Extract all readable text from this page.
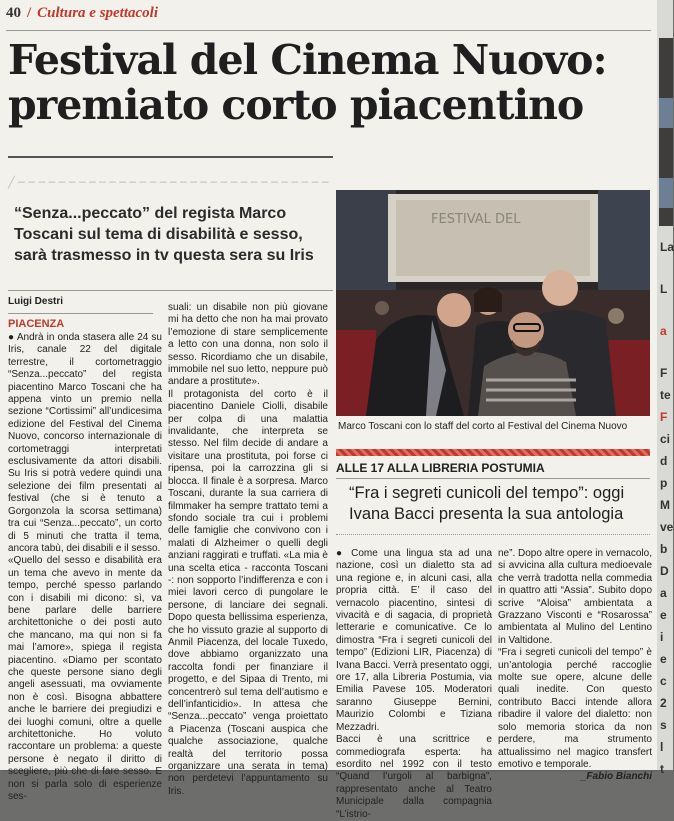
40 / Cultura e spettacoli
Festival del Cinema Nuovo:
premiato corto piacentino
╱ ─ ─ ─ ─ ─ ─ ─ ─ ─ ─ ─ ─ ─ ─ ─ ─ ─ ─ ─ ─ ─ ─ ─ ─ ─ ─ ─ ─ ─ ─ ─
“Senza...peccato” del regista Marco Toscani sul tema di disabilità e sesso, sarà trasmesso in tv questa sera su Iris
Luigi Destri
PIACENZA

● Andrà in onda stasera alle 24 su Iris, canale 22 del digitale terrestre, il cortometraggio “Senza...peccato” del regista piacentino Marco Toscani che ha appena vinto un premio nella sezione “Cortissimi” all’undicesima edizione del Festival del Cinema Nuovo, concorso internazionale di cortometraggi interpretati esclusivamente da attori disabili. Su Iris si potrà vedere quindi una selezione dei film presentati al festival (che si è tenuto a Gorgonzola la scorsa settimana) tra cui “Senza...peccato”, un corto di 5 minuti che tratta il tema, ancora tabù, dei disabili e il sesso.

«Quello del sesso e disabilità era un tema che avevo in mente da tempo, perché spesso parlando con i disabili mi dicono: sì, va bene parlare delle barriere architettoniche o dei posti auto che mancano, ma qui non si fa mai l’amore», spiega il regista piacentino. «Diamo per scontato che queste persone siano degli angeli asessuati, ma ovviamente non è così. Bisogna abbattere anche le barriere dei pregiudizi e dei luoghi comuni, oltre a quelle architettoniche. Ho voluto raccontare un problema: a queste persone è negato il diritto di scegliere, più che di fare sesso. E non si parla solo di esperienze ses-

suali: un disabile non più giovane mi ha detto che non ha mai provato l’emozione di stare semplicemente a letto con una donna, non solo il sesso. Ricordiamo che un disabile, immobile nel suo letto, neppure può andare a prostitute».

Il protagonista del corto è il piacentino Daniele Ciolli, disabile per colpa di una malattia invalidante, che interpreta se stesso. Nel film decide di andare a visitare una prostituta, poi forse ci ripensa, poi la carrozzina gli si blocca. Il finale è a sorpresa. Marco Toscani, durante la sua carriera di filmmaker ha sempre trattato temi a sfondo sociale tra cui i problemi delle famiglie che convivono con i malati di Alzheimer o quelli degli anziani raggirati e truffati. «La mia è una scelta etica - racconta Toscani -: non sopporto l’indifferenza e con i miei lavori cerco di pungolare le persone, di lanciare dei segnali. Dopo questa bellissima esperienza, che ho vissuto grazie al supporto di Anmil Piacenza, del locale Tuxedo, dove abbiamo organizzato una raccolta fondi per finanziare il progetto, e del Sipaa di Trento, mi concentrerò sul tema dell’autismo e dell’infanticidio». In attesa che “Senza...peccato” venga proiettato a Piacenza (Toscani auspica che qualche associazione, qualche realtà del territorio possa organizzare una serata in tema) non perdetevi l’appuntamento su Iris.

FESTIVAL DEL
Marco Toscani con lo staff del corto al Festival del Cinema Nuovo
ALLE 17 ALLA LIBRERIA POSTUMIA
“Fra i segreti cunicoli del tempo”: oggi Ivana Bacci presenta la sua antologia

● Come una lingua sta ad una nazione, così un dialetto sta ad una regione e, in alcuni casi, alla propria città. E’ il caso del vernacolo piacentino, sintesi di vivacità e di sagacia, di proprietà letterarie e comunicative. Ce lo dimostra “Fra i segreti cunicoli del tempo” (Edizioni LIR, Piacenza) di Ivana Bacci. Verrà presentato oggi, ore 17, alla Libreria Postumia, via Emilia Pavese 105. Moderatori saranno Giuseppe Bernini, Maurizio Colombi e Tiziana Mezzadri.

Bacci è una scrittrice e commediografa esperta: ha esordito nel 1992 con il testo “Quand l’urgoli al barbigna”, rappresentato anche al Teatro Municipale dalla compagnia “L’istrio-

ne”. Dopo altre opere in vernacolo, si avvicina alla cultura medioevale che verrà tradotta nella commedia in quattro atti “Assia”. Subito dopo scrive “Aloisa” ambientata a Grazzano Visconti e “Rosarossa” ambientata al Mulino del Lentino in Valtidone.

“Fra i segreti cunicoli del tempo” è un’antologia perché raccoglie molte sue opere, alcune delle quali inedite. Con questo contributo Bacci intende allora ribadire il valore del dialetto: non solo memoria storica da non perdere, ma strumento attualissimo nel magico transfert emotivo e temporale.

_Fabio Bianchi

La
L
a
F
te
F
ci
d
p
M
ve
b
D
a
e
i
e
c
2
s
l
t
